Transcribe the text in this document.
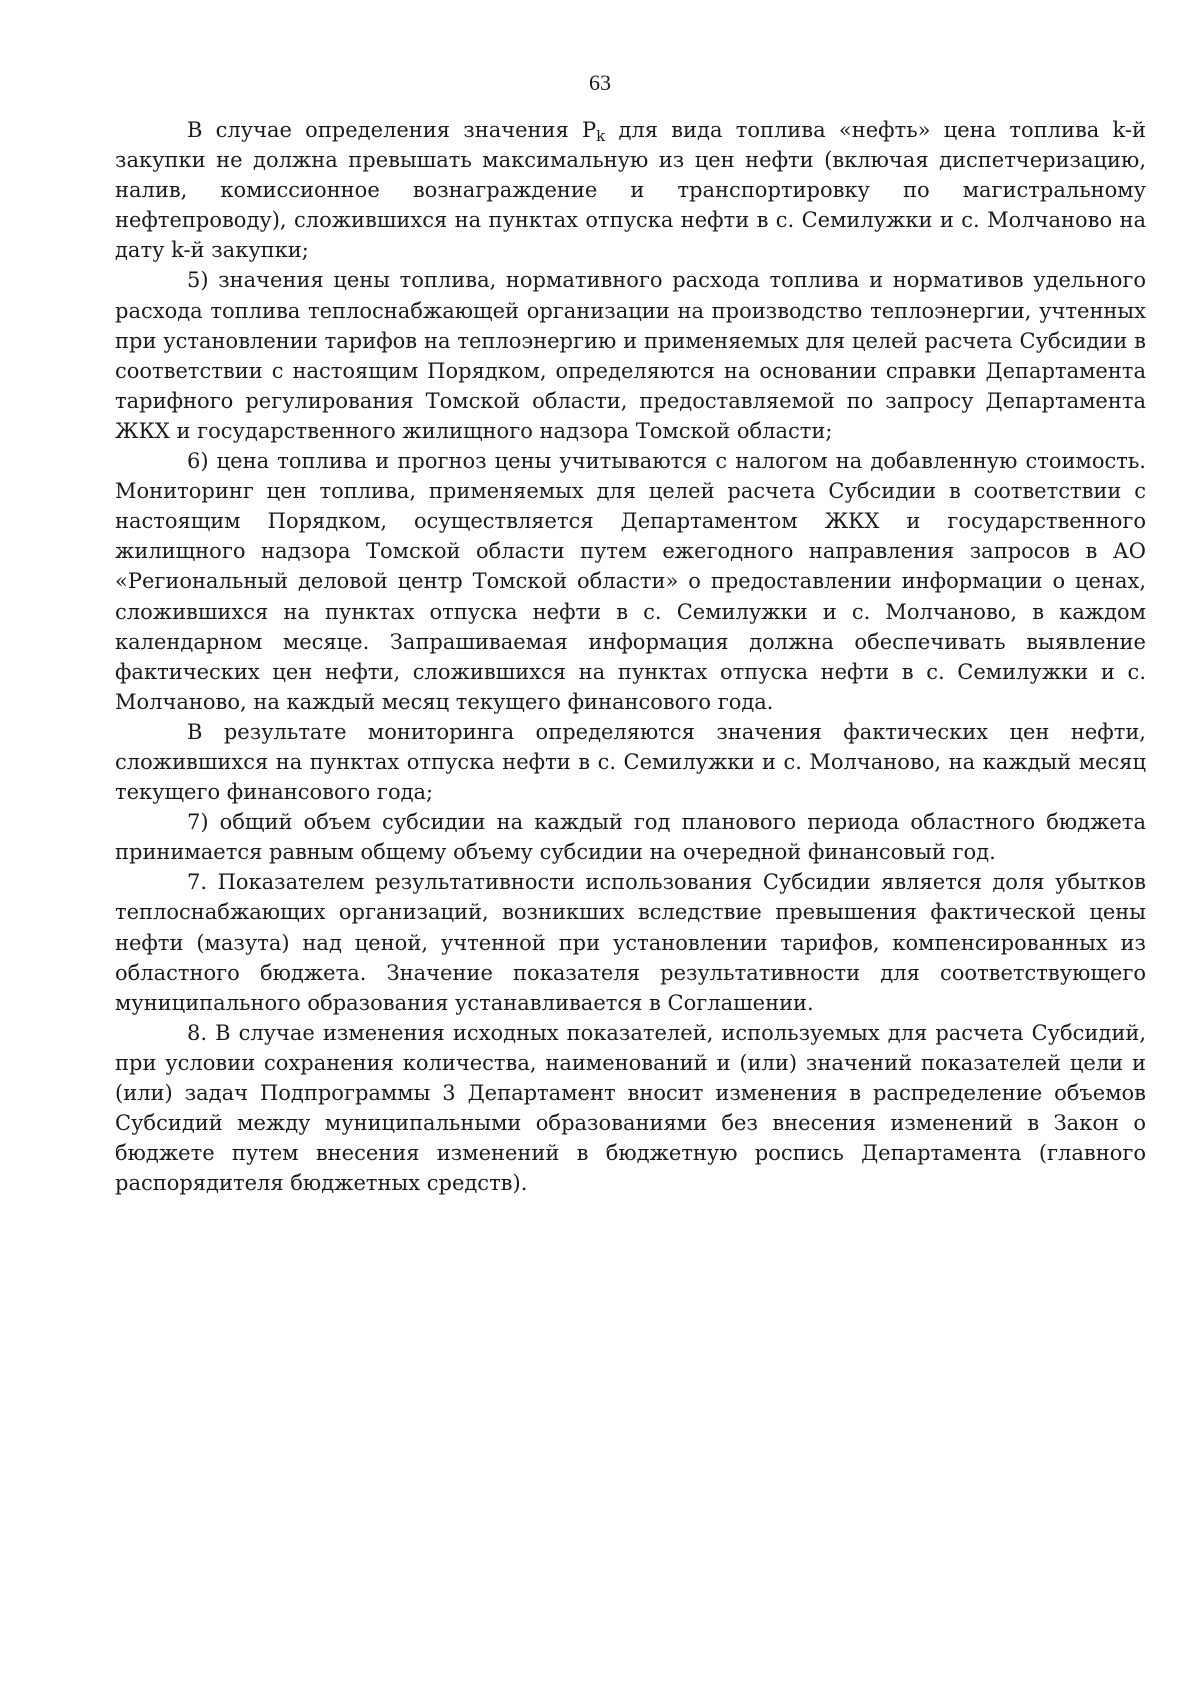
63

В случае определения значения $P_k$ для вида топлива «нефть» цена топлива k-й закупки не должна превышать максимальную из цен нефти (включая диспетчеризацию, налив, комиссионное вознаграждение и транспортировку по магистральному нефтепроводу), сложившихся на пунктах отпуска нефти в с. Семилужки и с. Молчаново на дату k-й закупки;

5) значения цены топлива, нормативного расхода топлива и нормативов удельного расхода топлива теплоснабжающей организации на производство теплоэнергии, учтенных при установлении тарифов на теплоэнергию и применяемых для целей расчета Субсидии в соответствии с настоящим Порядком, определяются на основании справки Департамента тарифного регулирования Томской области, предоставляемой по запросу Департамента ЖКХ и государственного жилищного надзора Томской области;

6) цена топлива и прогноз цены учитываются с налогом на добавленную стоимость. Мониторинг цен топлива, применяемых для целей расчета Субсидии в соответствии с настоящим Порядком, осуществляется Департаментом ЖКХ и государственного жилищного надзора Томской области путем ежегодного направления запросов в АО «Региональный деловой центр Томской области» о предоставлении информации о ценах, сложившихся на пунктах отпуска нефти в с. Семилужки и с. Молчаново, в каждом календарном месяце. Запрашиваемая информация должна обеспечивать выявление фактических цен нефти, сложившихся на пунктах отпуска нефти в с. Семилужки и с. Молчаново, на каждый месяц текущего финансового года.

В результате мониторинга определяются значения фактических цен нефти, сложившихся на пунктах отпуска нефти в с. Семилужки и с. Молчаново, на каждый месяц текущего финансового года;

7) общий объем субсидии на каждый год планового периода областного бюджета принимается равным общему объему субсидии на очередной финансовый год.

7. Показателем результативности использования Субсидии является доля убытков теплоснабжающих организаций, возникших вследствие превышения фактической цены нефти (мазута) над ценой, учтенной при установлении тарифов, компенсированных из областного бюджета. Значение показателя результативности для соответствующего муниципального образования устанавливается в Соглашении.

8. В случае изменения исходных показателей, используемых для расчета Субсидий, при условии сохранения количества, наименований и (или) значений показателей цели и (или) задач Подпрограммы 3 Департамент вносит изменения в распределение объемов Субсидий между муниципальными образованиями без внесения изменений в Закон о бюджете путем внесения изменений в бюджетную роспись Департамента (главного распорядителя бюджетных средств).
